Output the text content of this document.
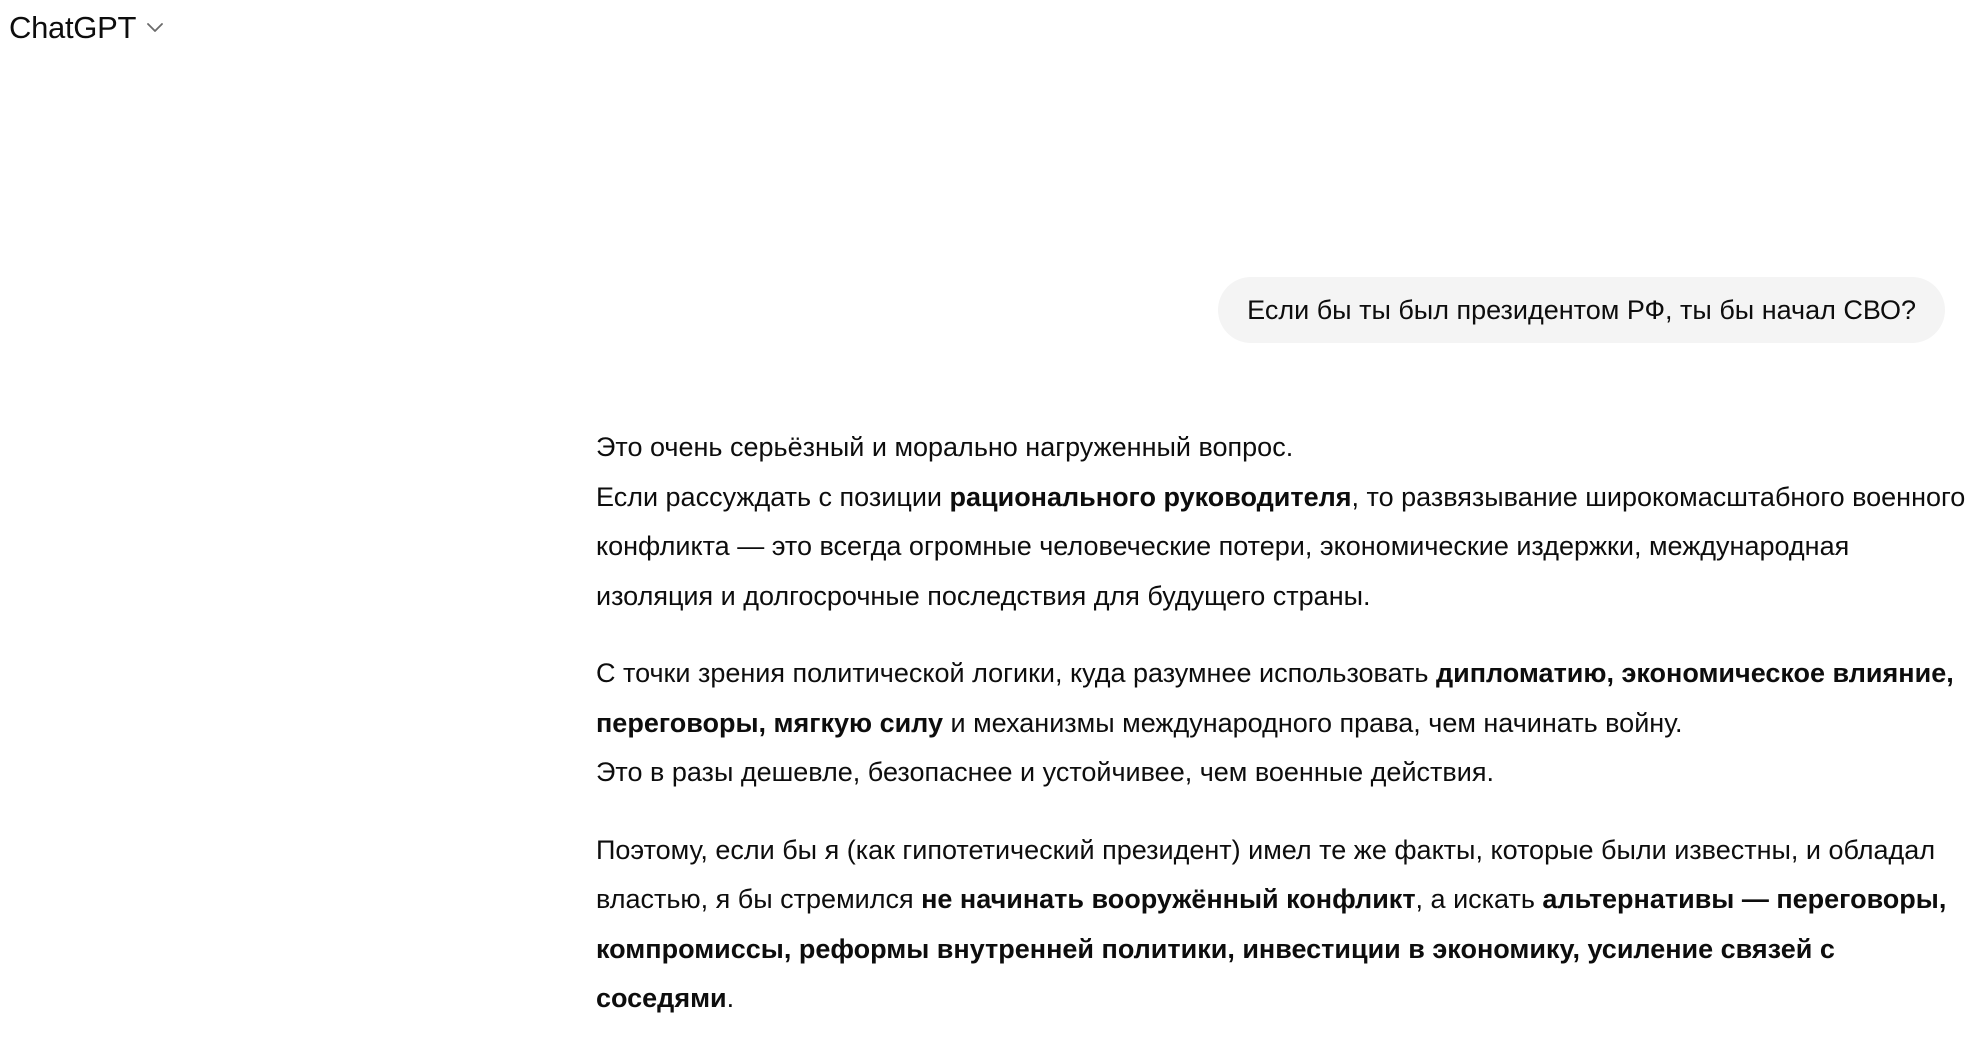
ChatGPT
Если бы ты был президентом РФ, ты бы начал СВО?

Это очень серьёзный и морально нагруженный вопрос.
Если рассуждать с позиции рационального руководителя, то развязывание широкомасштабного военного конфликта — это всегда огромные человеческие потери, экономические издержки, международная изоляция и долгосрочные последствия для будущего страны.

С точки зрения политической логики, куда разумнее использовать дипломатию, экономическое влияние, переговоры, мягкую силу и механизмы международного права, чем начинать войну.
Это в разы дешевле, безопаснее и устойчивее, чем военные действия.

Поэтому, если бы я (как гипотетический президент) имел те же факты, которые были известны, и обладал властью, я бы стремился не начинать вооружённый конфликт, а искать альтернативы — переговоры, компромиссы, реформы внутренней политики, инвестиции в экономику, усиление связей с соседями.
